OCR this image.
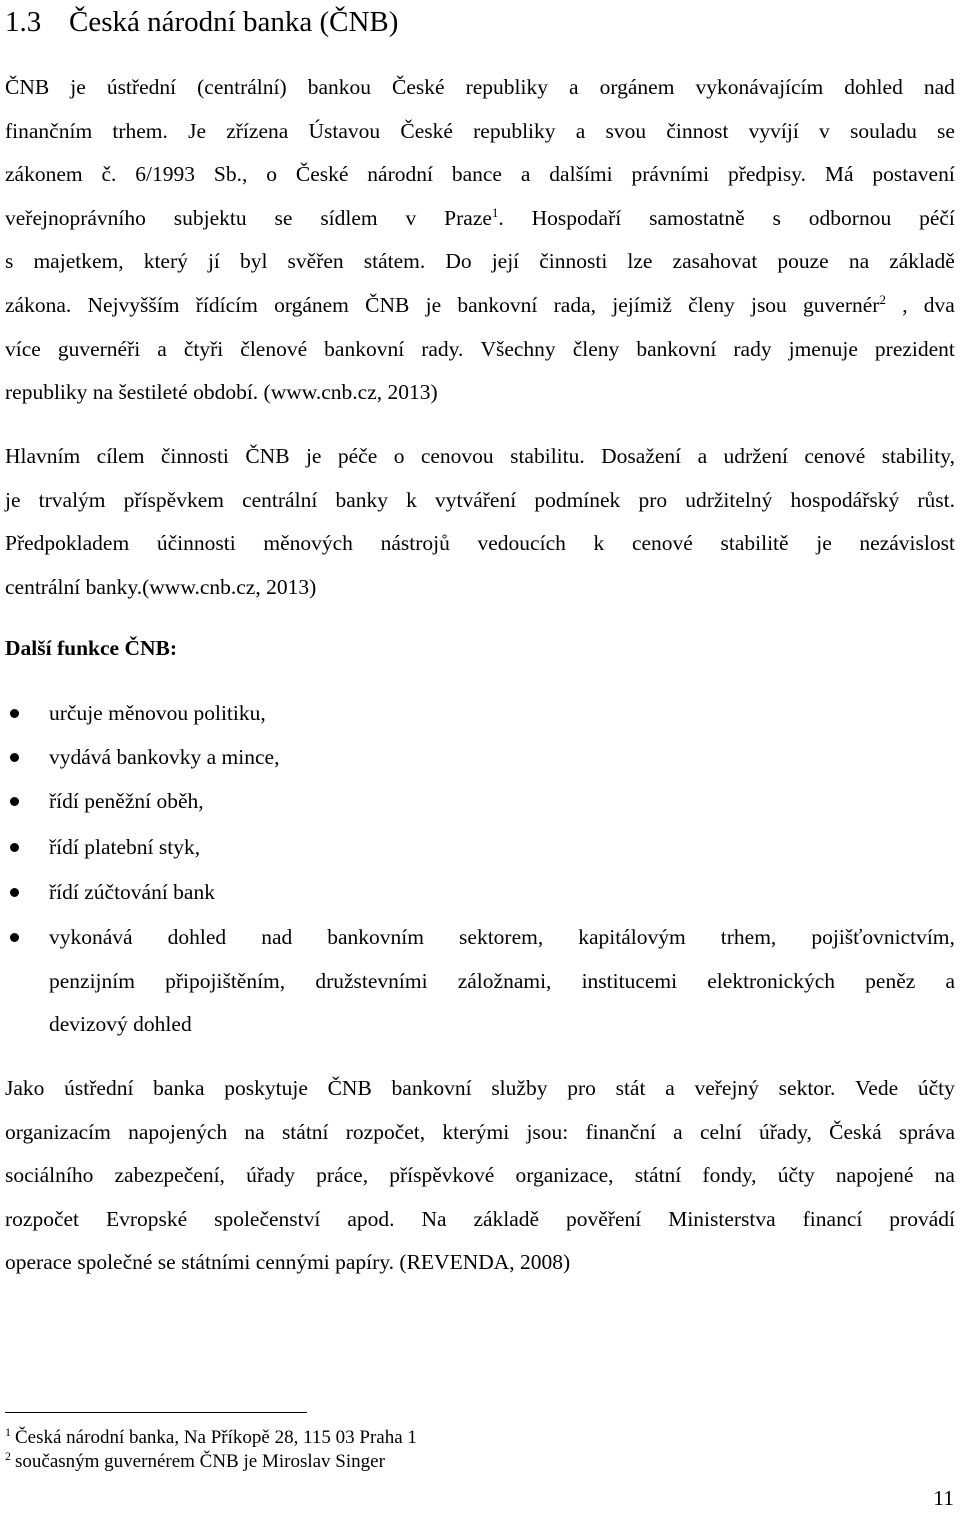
1.3 Česká národní banka (ČNB)
ČNB je ústřední (centrální) bankou České republiky a orgánem vykonávajícím dohled nad
finančním trhem. Je zřízena Ústavou České republiky a svou činnost vyvíjí v souladu se
zákonem č. 6/1993 Sb., o České národní bance a dalšími právními předpisy. Má postavení
veřejnoprávního subjektu se sídlem v Praze$^1$. Hospodaří samostatně s odbornou péčí
s majetkem, který jí byl svěřen státem. Do její činnosti lze zasahovat pouze na základě
zákona. Nejvyšším řídícím orgánem ČNB je bankovní rada, jejímiž členy jsou guvernér$^2$ , dva
více guvernéři a čtyři členové bankovní rady. Všechny členy bankovní rady jmenuje prezident
republiky na šestileté období. (www.cnb.cz, 2013)
Hlavním cílem činnosti ČNB je péče o cenovou stabilitu. Dosažení a udržení cenové stability,
je trvalým příspěvkem centrální banky k vytváření podmínek pro udržitelný hospodářský růst.
Předpokladem účinnosti měnových nástrojů vedoucích k cenové stabilitě je nezávislost
centrální banky.(www.cnb.cz, 2013)
Další funkce ČNB:
určuje měnovou politiku,
vydává bankovky a mince,
řídí peněžní oběh,
řídí platební styk,
řídí zúčtování bank
vykonává dohled nad bankovním sektorem, kapitálovým trhem, pojišťovnictvím,
penzijním připojištěním, družstevními záložnami, institucemi elektronických peněz a
devizový dohled
Jako ústřední banka poskytuje ČNB bankovní služby pro stát a veřejný sektor. Vede účty
organizacím napojených na státní rozpočet, kterými jsou: finanční a celní úřady, Česká správa
sociálního zabezpečení, úřady práce, příspěvkové organizace, státní fondy, účty napojené na
rozpočet Evropské společenství apod. Na základě pověření Ministerstva financí provádí
operace společné se státními cennými papíry. (REVENDA, 2008)
$^1$ Česká národní banka, Na Příkopě 28, 115 03 Praha 1
$^2$ současným guvernérem ČNB je Miroslav Singer
11
